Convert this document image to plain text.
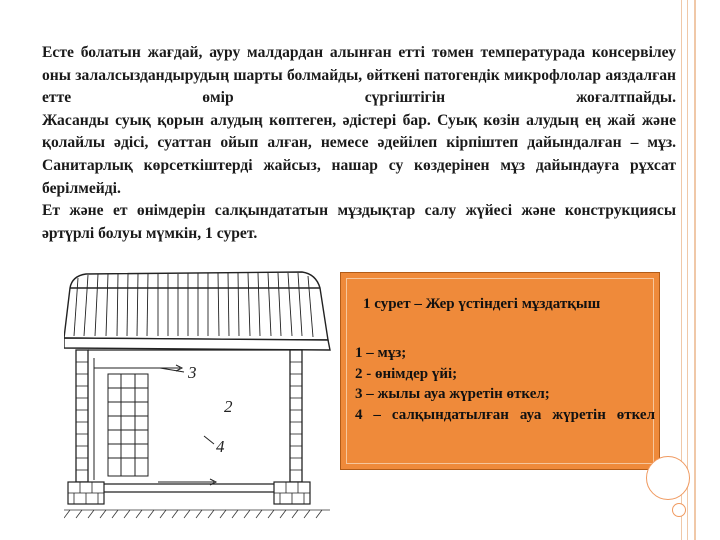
Есте болатын жағдай, ауру малдардан алынған етті төмен температурада консервілеу оны залалсыздандырудың шарты болмайды, өйткені патогендік микрофлолар аяздалған етте өмір сүргіштігін жоғалтпайды.

Жасанды суық қорын алудың көптеген, әдістері бар. Суық көзін алудың ең жай және қолайлы әдісі, суаттан ойып алған, немесе әдейілеп кірпіштеп дайындалған – мұз. Санитарлық көрсеткіштерді жайсыз, нашар су көздерінен мұз дайындауға рұхсат берілмейді.

Ет және ет өнімдерін салқындататын мұздықтар салу жүйесі және конструкциясы әртүрлі болуы мүмкін, 1 сурет.

3
2
4
1 сурет – Жер үстіндегі мұздатқыш
1 – мұз;
2 - өнімдер үйі;
3 – жылы ауа жүретін өткел;
4 – салқындатылған ауа жүретін өткел
